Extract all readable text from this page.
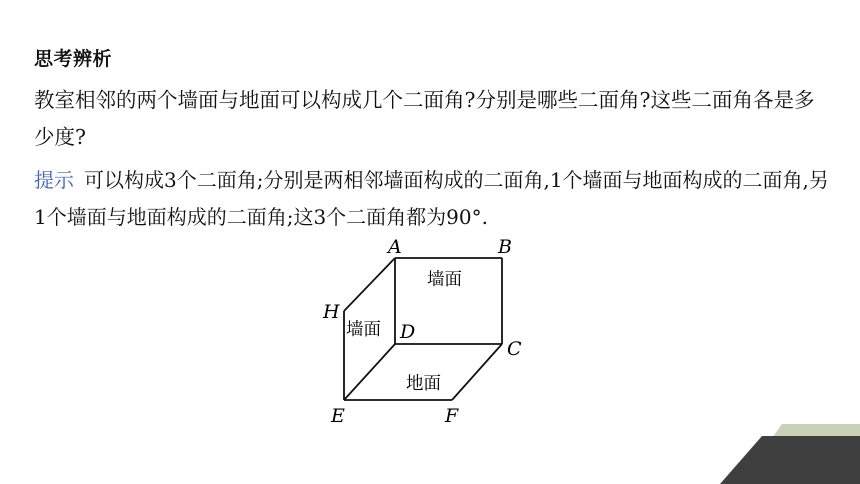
思考辨析
教室相邻的两个墙面与地面可以构成几个二面角?分别是哪些二面角?这些二面角各是多少度?
提示 可以构成3个二面角;分别是两相邻墙面构成的二面角,1个墙面与地面构成的二面角,另1个墙面与地面构成的二面角;这3个二面角都为90°.
A	B
H
D
C
E	F
墙面
墙面
地面
